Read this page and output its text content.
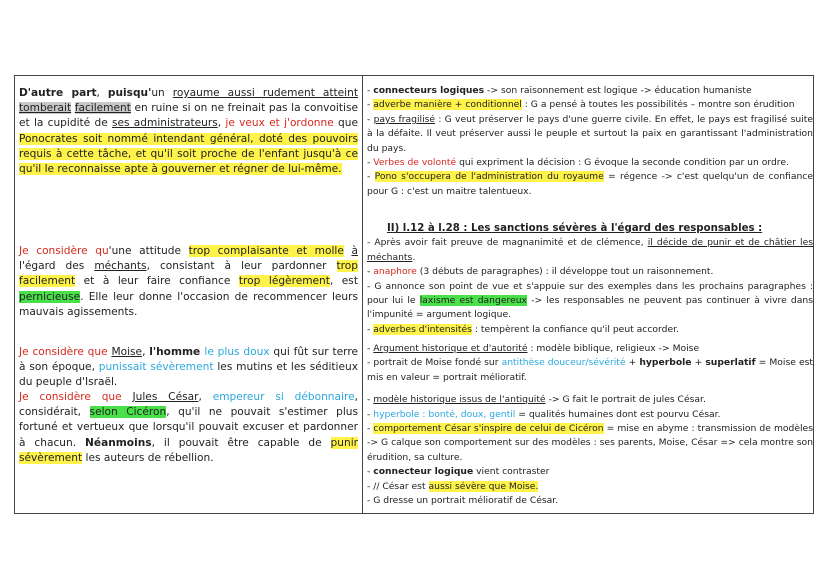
D'autre part, puisqu'un royaume aussi rudement atteint tomberait facilement en ruine si on ne freinait pas la convoitise et la cupidité de ses administrateurs, je veux et j'ordonne que Ponocrates soit nommé intendant général, doté des pouvoirs requis à cette tâche, et qu'il soit proche de l'enfant jusqu'à ce qu'il le reconnaisse apte à gouverner et régner de lui-même.
Je considère qu'une attitude trop complaisante et molle à l'égard des méchants, consistant à leur pardonner trop facilement et à leur faire confiance trop légèrement, est pernicieuse. Elle leur donne l'occasion de recommencer leurs mauvais agissements.
Je considère que Moise, l'homme le plus doux qui fût sur terre à son époque, punissait sévèrement les mutins et les séditieux du peuple d'Israël.
Je considère que Jules César, empereur si débonnaire, considérait, selon Cicéron, qu'il ne pouvait s'estimer plus fortuné et vertueux que lorsqu'il pouvait excuser et pardonner à chacun. Néanmoins, il pouvait être capable de punir sévèrement les auteurs de rébellion.
- connecteurs logiques -> son raisonnement est logique -> éducation humaniste
- adverbe manière + conditionnel : G a pensé à toutes les possibilités – montre son érudition
- pays fragilisé : G veut préserver le pays d'une guerre civile. En effet, le pays est fragilisé suite à la défaite. Il veut préserver aussi le peuple et surtout la paix en garantissant l'administration du pays.
- Verbes de volonté qui expriment la décision : G évoque la seconde condition par un ordre.
- Pono s'occupera de l'administration du royaume = régence -> c'est quelqu'un de confiance pour G : c'est un maitre talentueux.
II) l.12 à l.28 : Les sanctions sévères à l'égard des responsables :
- Après avoir fait preuve de magnanimité et de clémence, il décide de punir et de châtier les méchants.
- anaphore (3 débuts de paragraphes) : il développe tout un raisonnement.
- G annonce son point de vue et s'appuie sur des exemples dans les prochains paragraphes : pour lui le laxisme est dangereux -> les responsables ne peuvent pas continuer à vivre dans l'impunité = argument logique.
- adverbes d'intensités : tempèrent la confiance qu'il peut accorder.
- Argument historique et d'autorité : modèle biblique, religieux -> Moise
- portrait de Moise fondé sur antithèse douceur/sévérité + hyperbole + superlatif = Moise est mis en valeur = portrait mélioratif.
- modèle historique issus de l'antiquité -> G fait le portrait de jules César.
- hyperbole : bonté, doux, gentil = qualités humaines dont est pourvu César.
- comportement César s'inspire de celui de Cicéron = mise en abyme : transmission de modèles -> G calque son comportement sur des modèles : ses parents, Moise, César => cela montre son érudition, sa culture.
- connecteur logique vient contraster
- // César est aussi sévère que Moise.
- G dresse un portrait mélioratif de César.
